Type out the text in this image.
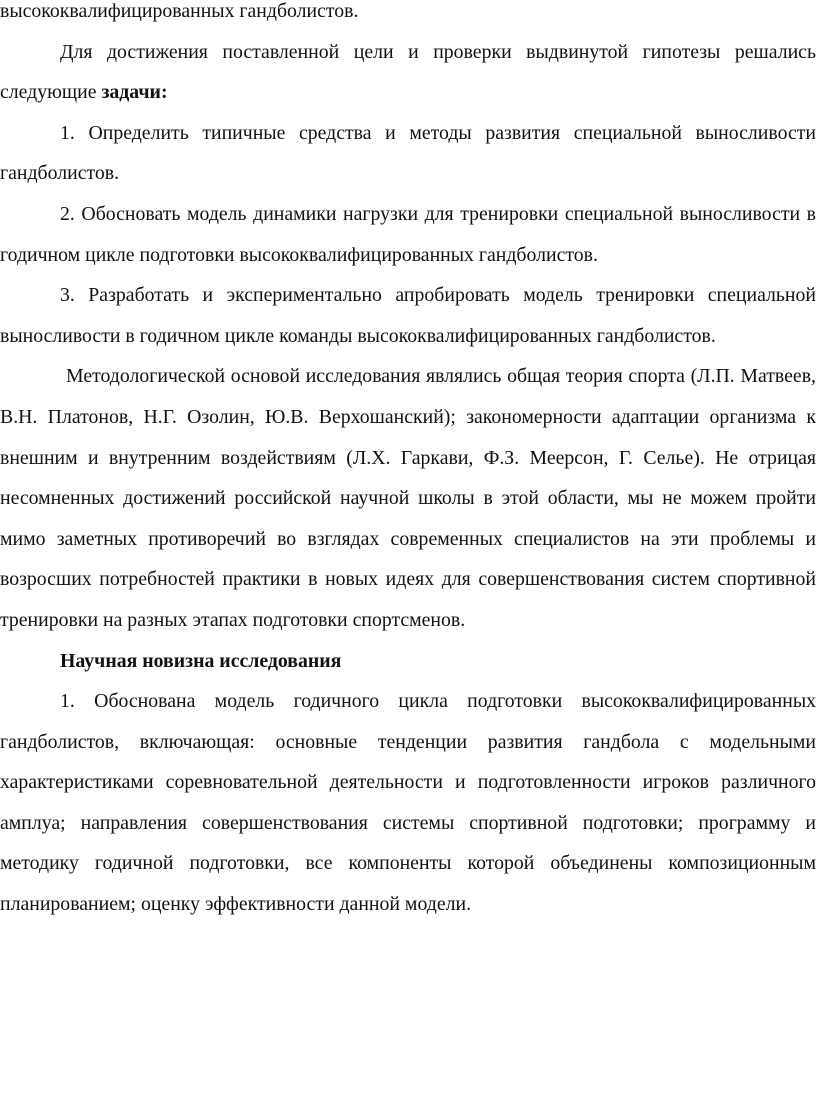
высококвалифицированных гандболистов.

Для достижения поставленной цели и проверки выдвинутой гипотезы решались следующие задачи:

1. Определить типичные средства и методы развития специальной выносливости гандболистов.

2. Обосновать модель динамики нагрузки для тренировки специальной выносливости в годичном цикле подготовки высококвалифицированных гандболистов.

3. Разработать и экспериментально апробировать модель тренировки специальной выносливости в годичном цикле команды высококвалифицированных гандболистов.

Методологической основой исследования являлись общая теория спорта (Л.П. Матвеев, В.Н. Платонов, Н.Г. Озолин, Ю.В. Верхошанский); закономерности адаптации организма к внешним и внутренним воздействиям (Л.Х. Гаркави, Ф.З. Меерсон, Г. Селье). Не отрицая несомненных достижений российской научной школы в этой области, мы не можем пройти мимо заметных противоречий во взглядах современных специалистов на эти проблемы и возросших потребностей практики в новых идеях для совершенствования систем спортивной тренировки на разных этапах подготовки спортсменов.

Научная новизна исследования

1. Обоснована модель годичного цикла подготовки высококвалифицированных гандболистов, включающая: основные тенденции развития гандбола с модельными характеристиками соревновательной деятельности и подготовленности игроков различного амплуа; направления совершенствования системы спортивной подготовки; программу и методику годичной подготовки, все компоненты которой объединены композиционным планированием; оценку эффективности данной модели.
